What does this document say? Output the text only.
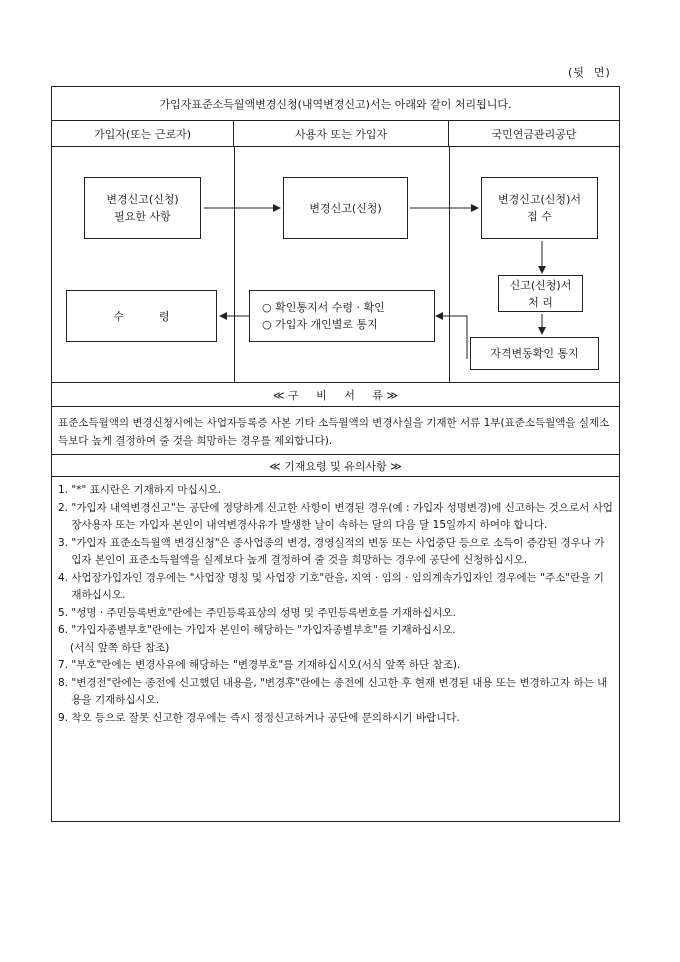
(뒷  면)
가입자표준소득월액변경신청(내역변경신고)서는 아래와 같이 처리됩니다.
가입자(또는 근로자)	사용자 또는 가입자	국민연금관리공단
변경신고(신청)
필요한 사항
변경신고(신청)
변경신고(신청)서
접 수
신고(신청)서
처 리
자격변동확인 통지
○ 확인통지서 수령 · 확인
○ 가입자 개인별로 통지
수          령
≪ 구     비     서     류 ≫
표준소득월액의 변경신청시에는 사업자등록증 사본 기타 소득월액의 변경사실을 기재한 서류 1부(표준소득월액을 실제소득보다 높게 결정하여 줄 것을 희망하는 경우를 제외합니다).
≪ 기재요령 및 유의사항 ≫
1. "*" 표시란은 기재하지 마십시오.
2. "가입자 내역변경신고"는 공단에 정당하게 신고한 사항이 변경된 경우(예 : 가입자 성명변경)에 신고하는 것으로서 사업장사용자 또는 가입자 본인이 내역변경사유가 발생한 날이 속하는 달의 다음 달 15일까지 하여야 합니다.
3. "가입자 표준소득월액 변경신청"은 종사업종의 변경, 경영실적의 변동 또는 사업중단 등으로 소득이 증감된 경우나 가입자 본인이 표준소득월액을 실제보다 높게 결정하여 줄 것을 희망하는 경우에 공단에 신청하십시오.
4. 사업장가입자인 경우에는 "사업장 명칭 및 사업장 기호"란을, 지역 · 임의 · 임의계속가입자인 경우에는 "주소"란을 기재하십시오.
5. "성명 · 주민등록번호"란에는 주민등록표상의 성명 및 주민등록번호를 기재하십시오.
6. "가입자종별부호"란에는 가입자 본인이 해당하는 "가입자종별부호"를 기재하십시오.
(서식 앞쪽 하단 참조)
7. "부호"란에는 변경사유에 해당하는 "변경부호"를 기재하십시오(서식 앞쪽 하단 참조).
8. "변경전"란에는 종전에 신고했던 내용을, "변경후"란에는 종전에 신고한 후 현재 변경된 내용 또는 변경하고자 하는 내용을 기재하십시오.
9. 착오 등으로 잘못 신고한 경우에는 즉시 정정신고하거나 공단에 문의하시기 바랍니다.
